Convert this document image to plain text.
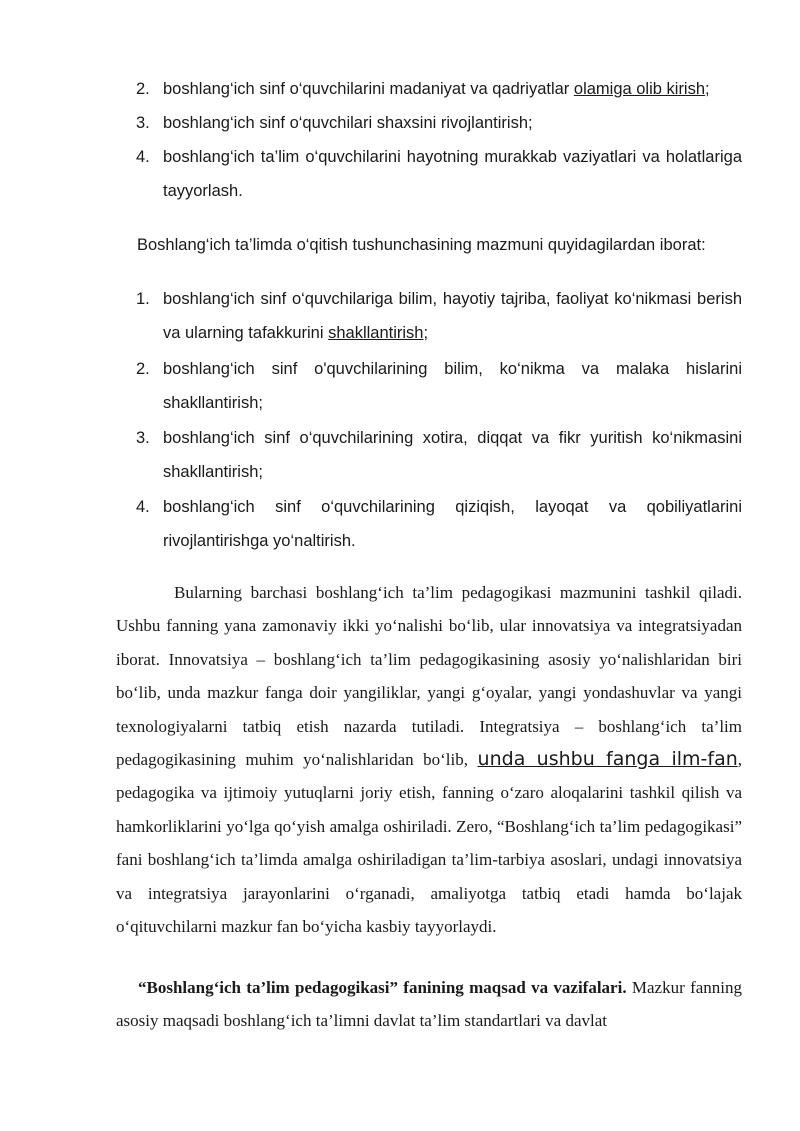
2. boshlang‘ich sinf o‘quvchilarini madaniyat va qadriyatlar olamiga olib kirish;
3. boshlang‘ich sinf o‘quvchilari shaxsini rivojlantirish;
4. boshlang‘ich ta’lim o‘quvchilarini hayotning murakkab vaziyatlari va holatlariga tayyorlash.
Boshlang‘ich ta’limda o‘qitish tushunchasining mazmuni quyidagilardan iborat:
1. boshlang‘ich sinf o‘quvchilariga bilim, hayotiy tajriba, faoliyat ko‘nikmasi berish va ularning tafakkurini shakllantirish;
2. boshlang‘ich sinf o'quvchilarining bilim, ko‘nikma va malaka hislarini shakllantirish;
3. boshlang‘ich sinf o‘quvchilarining xotira, diqqat va fikr yuritish ko‘nikmasini shakllantirish;
4. boshlang‘ich sinf o‘quvchilarining qiziqish, layoqat va qobiliyatlarini rivojlantirishga yo‘naltirish.
Bularning barchasi boshlang‘ich ta’lim pedagogikasi mazmunini tashkil qiladi. Ushbu fanning yana zamonaviy ikki yo‘nalishi bo‘lib, ular innovatsiya va integratsiyadan iborat. Innovatsiya – boshlang‘ich ta’lim pedagogikasining asosiy yo‘nalishlaridan biri bo‘lib, unda mazkur fanga doir yangiliklar, yangi g‘oyalar, yangi yondashuvlar va yangi texnologiyalarni tatbiq etish nazarda tutiladi. Integratsiya – boshlang‘ich ta’lim pedagogikasining muhim yo‘nalishlaridan bo‘lib, unda ushbu fanga ilm-fan, pedagogika va ijtimoiy yutuqlarni joriy etish, fanning o‘zaro aloqalarini tashkil qilish va hamkorliklarini yo‘lga qo‘yish amalga oshiriladi. Zero, “Boshlang‘ich ta’lim pedagogikasi” fani boshlang‘ich ta’limda amalga oshiriladigan ta’lim-tarbiya asoslari, undagi innovatsiya va integratsiya jarayonlarini o‘rganadi, amaliyotga tatbiq etadi hamda bo‘lajak o‘qituvchilarni mazkur fan bo‘yicha kasbiy tayyorlaydi.
“Boshlang‘ich ta’lim pedagogikasi” fanining maqsad va vazifalari. Mazkur fanning asosiy maqsadi boshlang‘ich ta’limni davlat ta’lim standartlari va davlat
